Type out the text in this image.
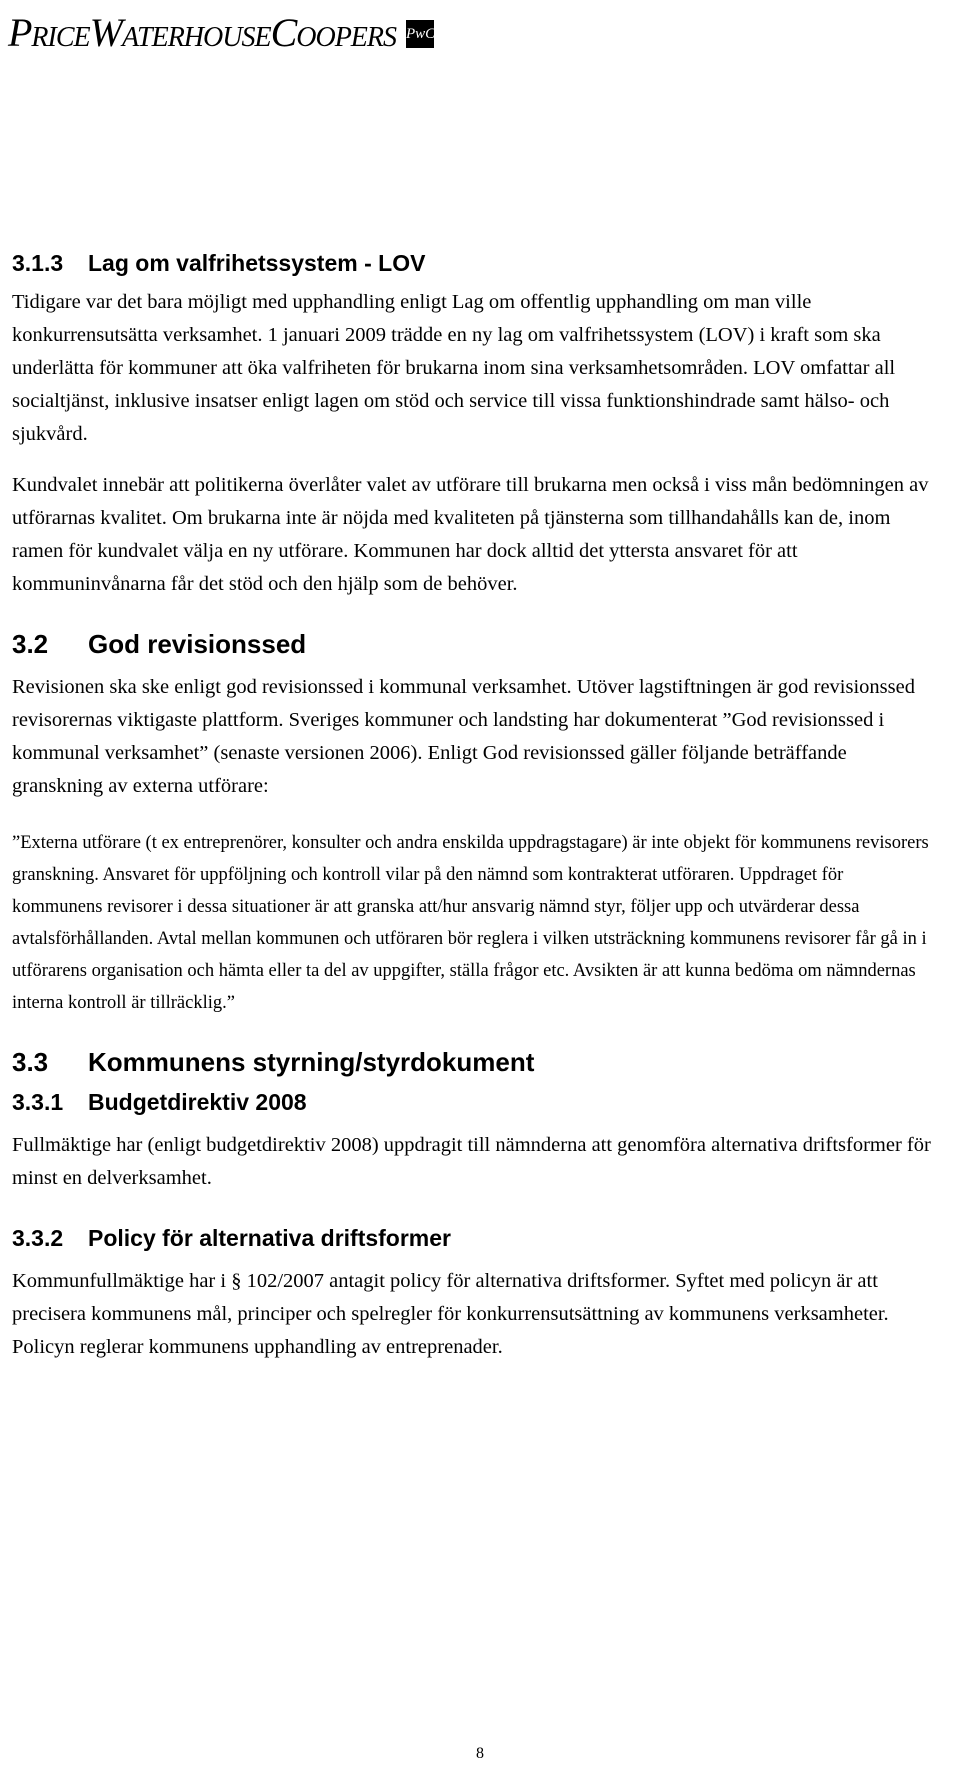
PriceWaterhouseCoopers PwC
3.1.3 Lag om valfrihetssystem - LOV

Tidigare var det bara möjligt med upphandling enligt Lag om offentlig upphandling om man ville konkurrensutsätta verksamhet. 1 januari 2009 trädde en ny lag om valfrihetssystem (LOV) i kraft som ska underlätta för kommuner att öka valfriheten för brukarna inom sina verksamhetsområden. LOV omfattar all socialtjänst, inklusive insatser enligt lagen om stöd och service till vissa funktionshindrade samt hälso- och sjukvård.

Kundvalet innebär att politikerna överlåter valet av utförare till brukarna men också i viss mån bedömningen av utförarnas kvalitet. Om brukarna inte är nöjda med kvaliteten på tjänsterna som tillhandahålls kan de, inom ramen för kundvalet välja en ny utförare. Kommunen har dock alltid det yttersta ansvaret för att kommuninvånarna får det stöd och den hjälp som de behöver.

3.2 God revisionssed

Revisionen ska ske enligt god revisionssed i kommunal verksamhet. Utöver lagstiftningen är god revisionssed revisorernas viktigaste plattform. Sveriges kommuner och landsting har dokumenterat ”God revisionssed i kommunal verksamhet” (senaste versionen 2006). Enligt God revisionssed gäller följande beträffande granskning av externa utförare:

”Externa utförare (t ex entreprenörer, konsulter och andra enskilda uppdragstagare) är inte objekt för kommunens revisorers granskning. Ansvaret för uppföljning och kontroll vilar på den nämnd som kontrakterat utföraren. Uppdraget för kommunens revisorer i dessa situationer är att granska att/hur ansvarig nämnd styr, följer upp och utvärderar dessa avtalsförhållanden. Avtal mellan kommunen och utföraren bör reglera i vilken utsträckning kommunens revisorer får gå in i utförarens organisation och hämta eller ta del av uppgifter, ställa frågor etc. Avsikten är att kunna bedöma om nämndernas interna kontroll är tillräcklig.”

3.3 Kommunens styrning/styrdokument
3.3.1 Budgetdirektiv 2008

Fullmäktige har (enligt budgetdirektiv 2008) uppdragit till nämnderna att genomföra alternativa driftsformer för minst en delverksamhet.

3.3.2 Policy för alternativa driftsformer

Kommunfullmäktige har i § 102/2007 antagit policy för alternativa driftsformer. Syftet med policyn är att precisera kommunens mål, principer och spelregler för konkurrensutsättning av kommunens verksamheter. Policyn reglerar kommunens upphandling av entreprenader.

8
